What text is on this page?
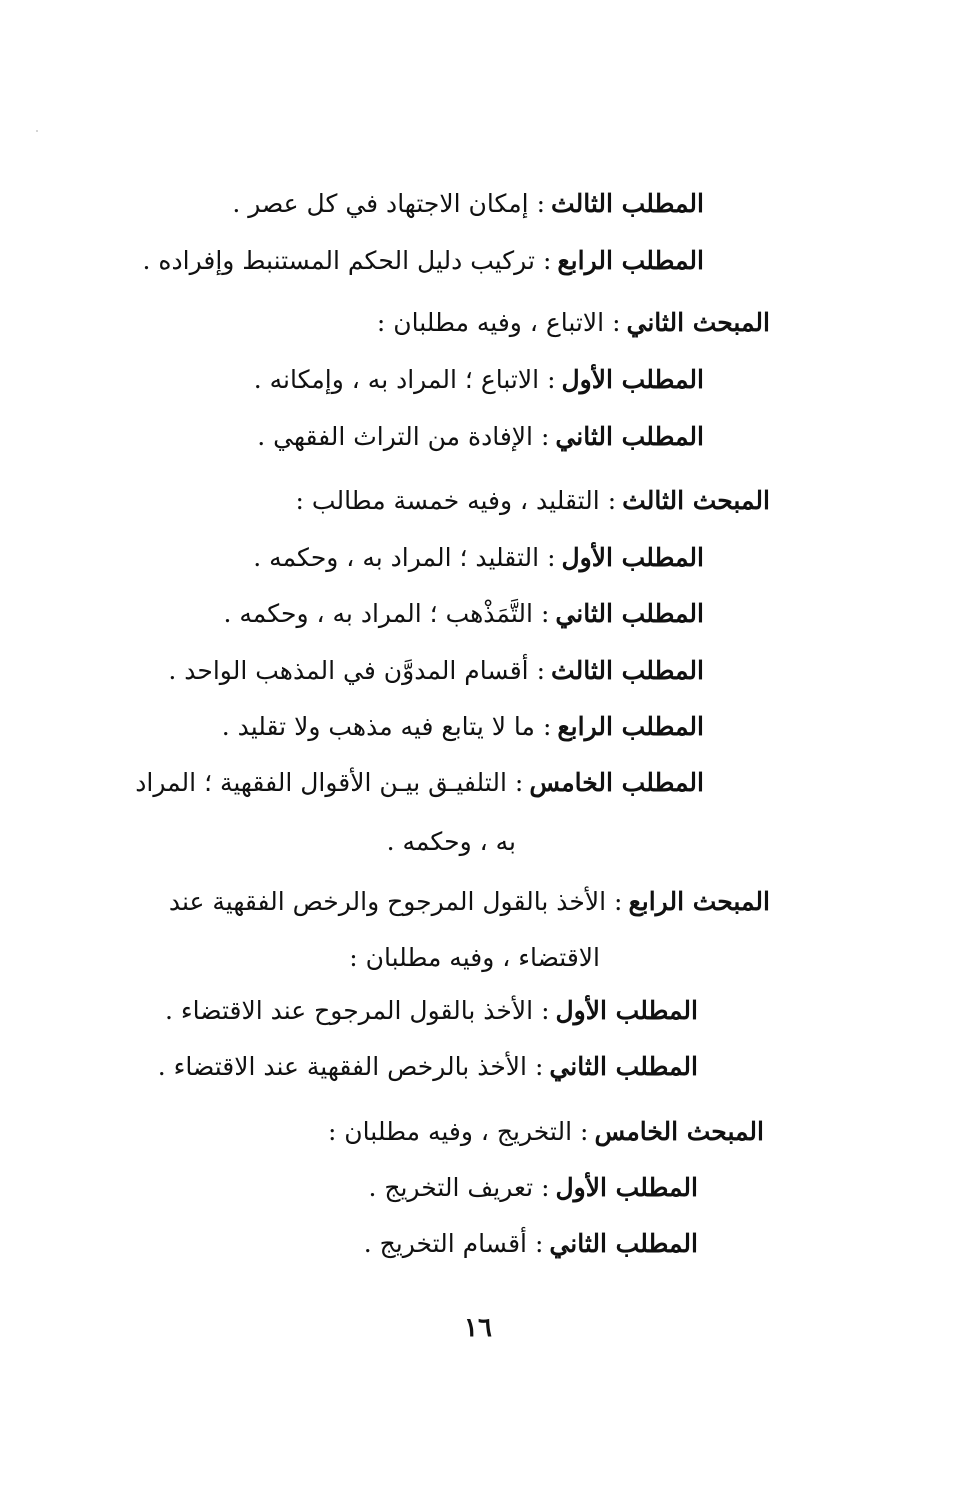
المطلب الثالث:إمكان الاجتهاد في كل عصر .
المطلب الرابع:تركيب دليل الحكم المستنبط وإفراده .
المبحث الثاني:الاتباع ، وفيه مطلبان :
المطلب الأول:الاتباع ؛ المراد به ، وإمكانه .
المطلب الثاني:الإفادة من التراث الفقهي .
المبحث الثالث:التقليد ، وفيه خمسة مطالب :
المطلب الأول:التقليد ؛ المراد به ، وحكمه .
المطلب الثاني:التَّمَذْهب ؛ المراد به ، وحكمه .
المطلب الثالث:أقسام المدوَّن في المذهب الواحد .
المطلب الرابع:ما لا يتابع فيه مذهب ولا تقليد .
المطلب الخامس:التلفيـق بيـن الأقوال الفقهية ؛ المراد
به ، وحكمه .
المبحث الرابع:الأخذ بالقول المرجوح والرخص الفقهية عند
الاقتضاء ، وفيه مطلبان :
المطلب الأول:الأخذ بالقول المرجوح عند الاقتضاء .
المطلب الثاني:الأخذ بالرخص الفقهية عند الاقتضاء .
المبحث الخامس:التخريج ، وفيه مطلبان :
المطلب الأول:تعريف التخريج .
المطلب الثاني:أقسام التخريج .
١٦
